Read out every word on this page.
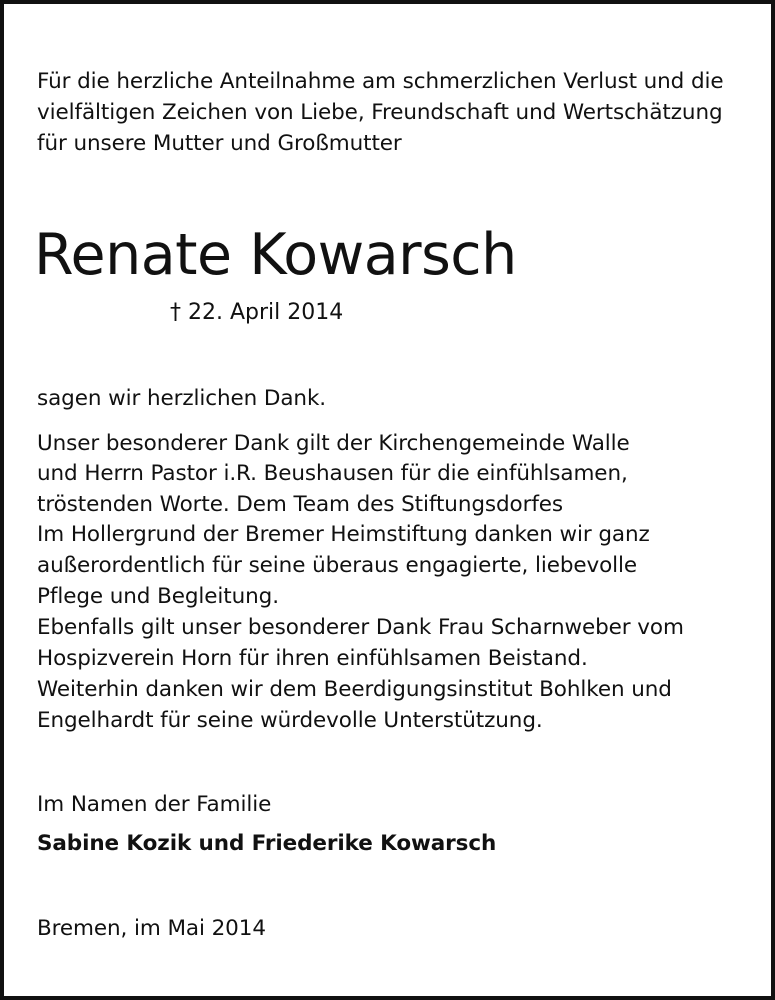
Für die herzliche Anteilnahme am schmerzlichen Verlust und die
vielfältigen Zeichen von Liebe, Freundschaft und Wertschätzung
für unsere Mutter und Großmutter
Renate Kowarsch
† 22. April 2014
sagen wir herzlichen Dank.
Unser besonderer Dank gilt der Kirchengemeinde Walle
und Herrn Pastor i.R. Beushausen für die einfühlsamen,
tröstenden Worte. Dem Team des Stiftungsdorfes
Im Hollergrund der Bremer Heimstiftung danken wir ganz
außerordentlich für seine überaus engagierte, liebevolle
Pflege und Begleitung.
Ebenfalls gilt unser besonderer Dank Frau Scharnweber vom
Hospizverein Horn für ihren einfühlsamen Beistand.
Weiterhin danken wir dem Beerdigungsinstitut Bohlken und
Engelhardt für seine würdevolle Unterstützung.
Im Namen der Familie
Sabine Kozik und Friederike Kowarsch
Bremen, im Mai 2014
